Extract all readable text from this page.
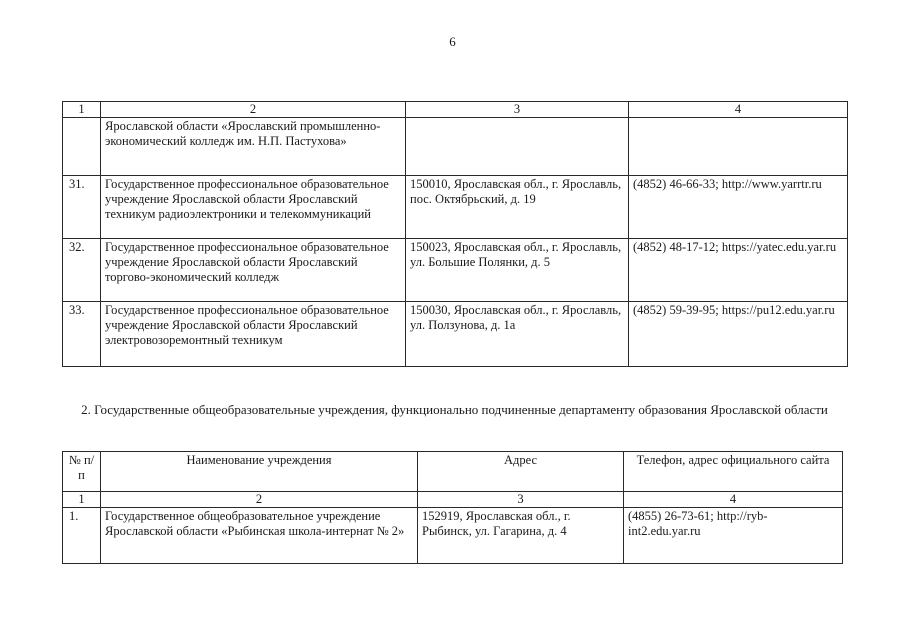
6
1	2	3	4
	Ярославской области «Ярославский промышленно-экономический колледж им. Н.П. Пастухова»		
31.	Государственное профессиональное образовательное учреждение Ярославской области Ярославский техникум радиоэлектроники и телекоммуникаций	150010, Ярославская обл., г. Ярославль, пос. Октябрьский, д. 19	(4852) 46-66-33; http://www.yarrtr.ru
32.	Государственное профессиональное образовательное учреждение Ярославской области Ярославский торгово-экономический колледж	150023, Ярославская обл., г. Ярославль, ул. Большие Полянки, д. 5	(4852) 48-17-12; https://yatec.edu.yar.ru
33.	Государственное профессиональное образовательное учреждение Ярославской области Ярославский электровозоремонтный техникум	150030, Ярославская обл., г. Ярославль, ул. Ползунова, д. 1а	(4852) 59-39-95; https://pu12.edu.yar.ru
2. Государственные общеобразовательные учреждения, функционально подчиненные департаменту образования Ярославской области
№ п/п	Наименование учреждения	Адрес	Телефон, адрес официального сайта
1	2	3	4
1.	Государственное общеобразовательное учреждение Ярославской области «Рыбинская школа-интернат № 2»	152919, Ярославская обл., г. Рыбинск, ул. Гагарина, д. 4	(4855) 26-73-61; http://ryb-int2.edu.yar.ru
